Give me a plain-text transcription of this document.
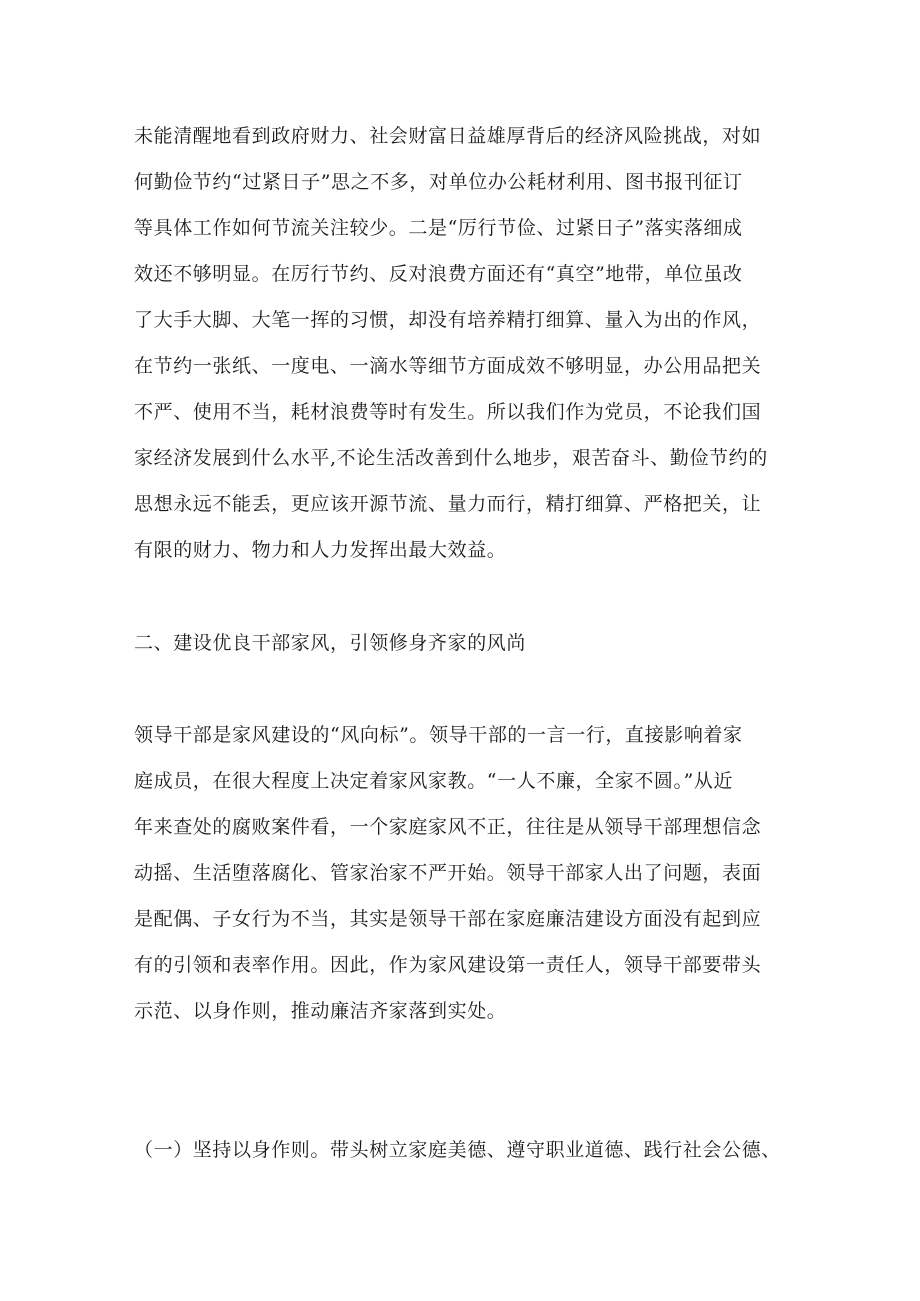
未能清醒地看到政府财力、社会财富日益雄厚背后的经济风险挑战，对如
何勤俭节约“过紧日子”思之不多，对单位办公耗材利用、图书报刊征订
等具体工作如何节流关注较少。二是“厉行节俭、过紧日子”落实落细成
效还不够明显。在厉行节约、反对浪费方面还有“真空”地带，单位虽改
了大手大脚、大笔一挥的习惯，却没有培养精打细算、量入为出的作风，
在节约一张纸、一度电、一滴水等细节方面成效不够明显，办公用品把关
不严、使用不当，耗材浪费等时有发生。所以我们作为党员，不论我们国
家经济发展到什么水平,不论生活改善到什么地步，艰苦奋斗、勤俭节约的
思想永远不能丢，更应该开源节流、量力而行，精打细算、严格把关，让
有限的财力、物力和人力发挥出最大效益。
二、建设优良干部家风，引领修身齐家的风尚
领导干部是家风建设的“风向标”。领导干部的一言一行，直接影响着家
庭成员，在很大程度上决定着家风家教。“一人不廉，全家不圆。”从近
年来查处的腐败案件看，一个家庭家风不正，往往是从领导干部理想信念
动摇、生活堕落腐化、管家治家不严开始。领导干部家人出了问题，表面
是配偶、子女行为不当，其实是领导干部在家庭廉洁建设方面没有起到应
有的引领和表率作用。因此，作为家风建设第一责任人，领导干部要带头
示范、以身作则，推动廉洁齐家落到实处。
（一）坚持以身作则。带头树立家庭美德、遵守职业道德、践行社会公德、
